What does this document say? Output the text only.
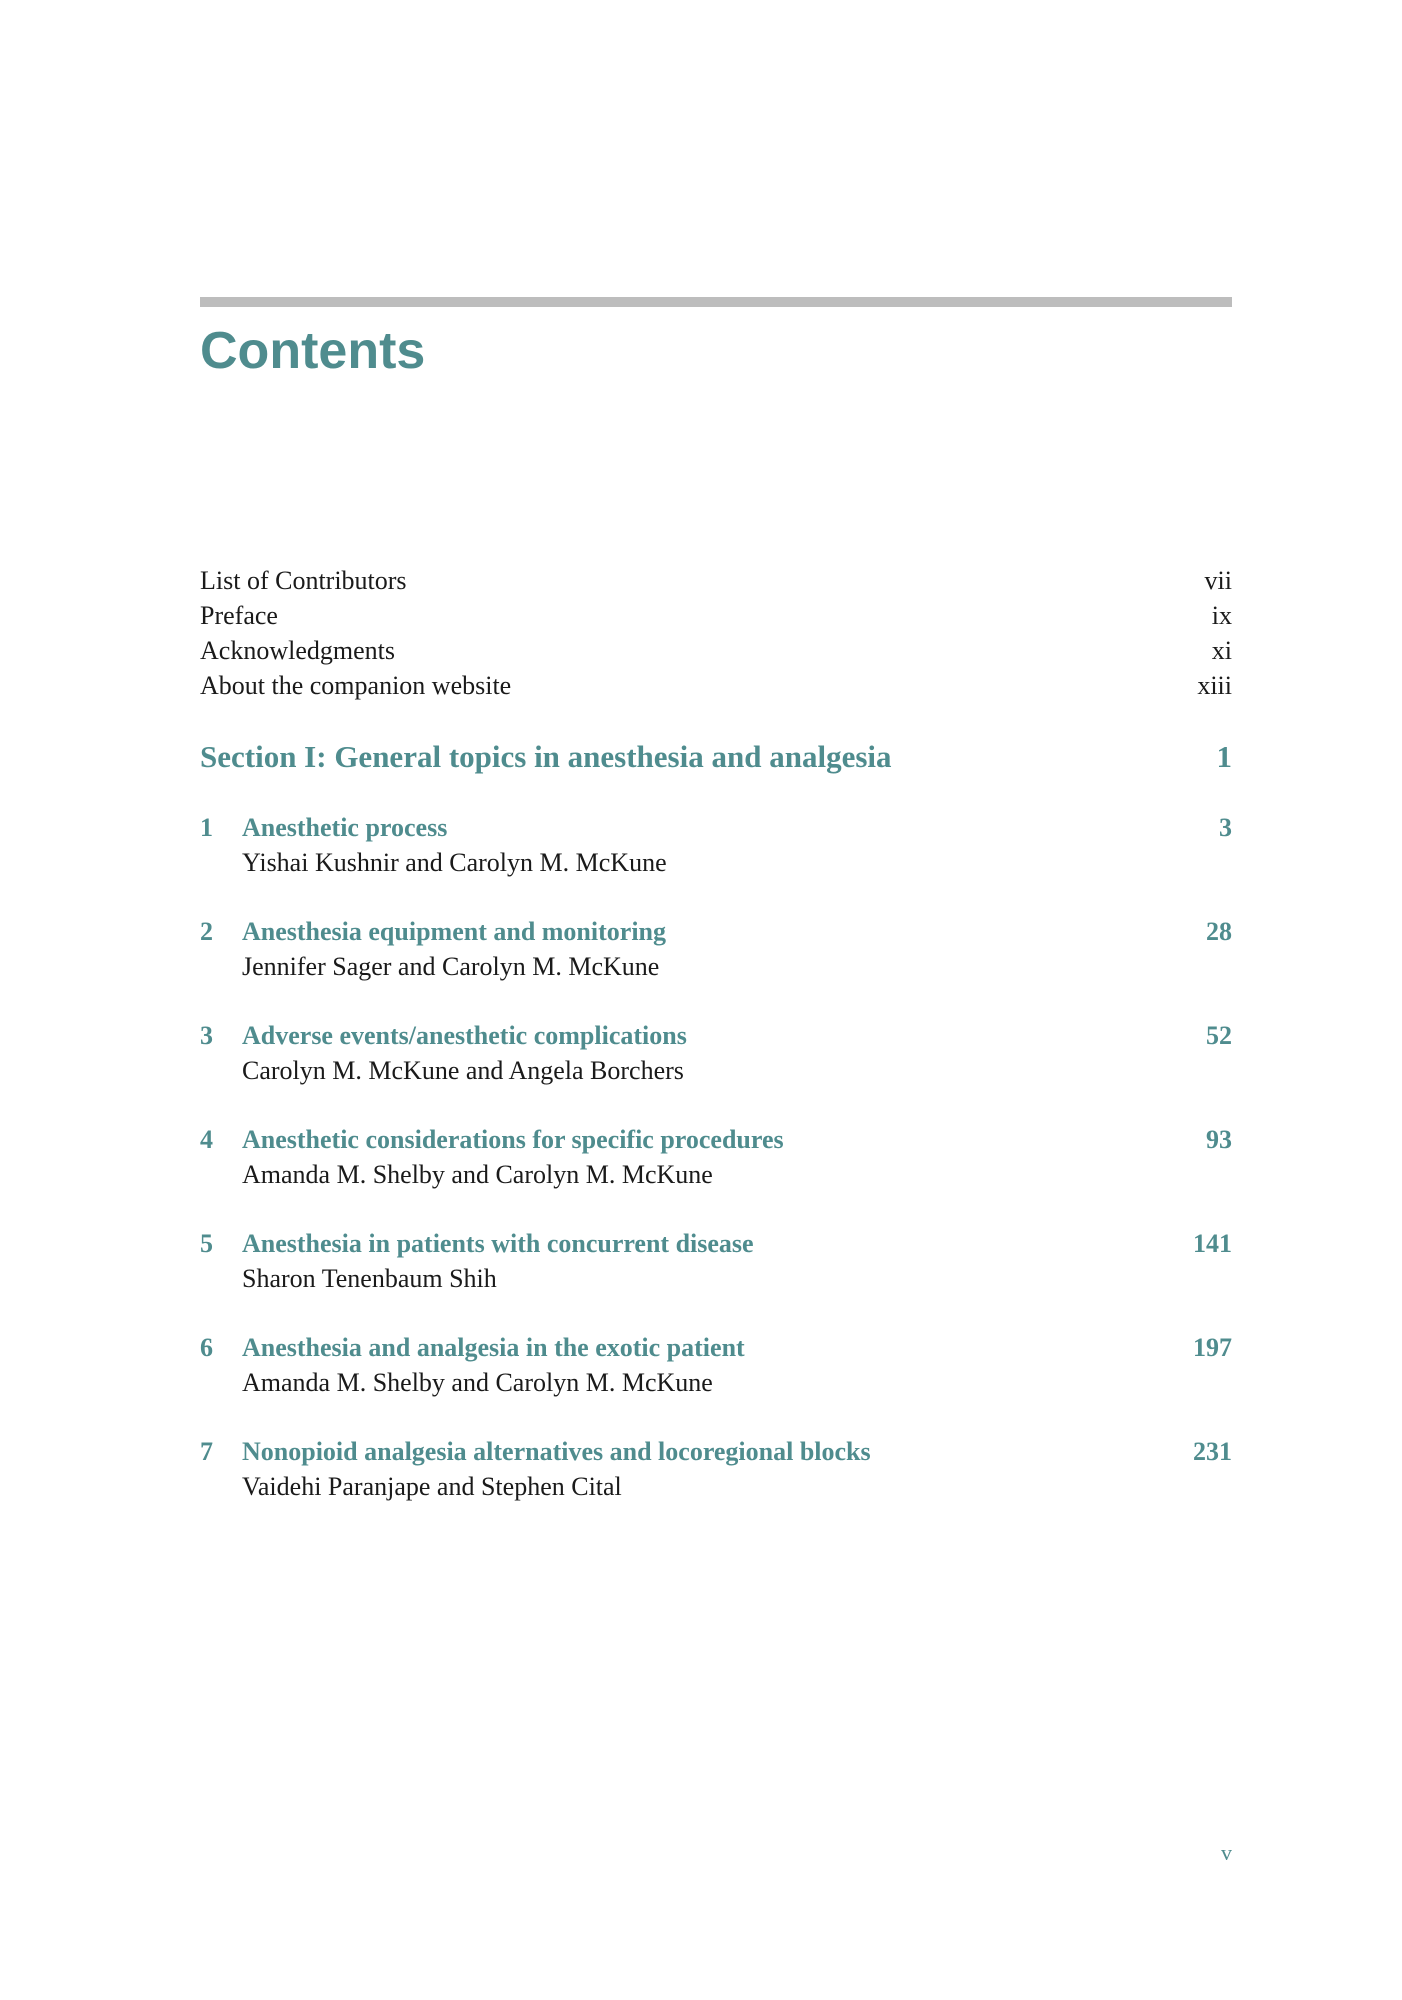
Contents
List of Contributors	vii
Preface	ix
Acknowledgments	xi
About the companion website	xiii
Section I: General topics in anesthesia and analgesia	1
1 Anesthetic process	3
Yishai Kushnir and Carolyn M. McKune
2 Anesthesia equipment and monitoring	28
Jennifer Sager and Carolyn M. McKune
3 Adverse events/anesthetic complications	52
Carolyn M. McKune and Angela Borchers
4 Anesthetic considerations for specific procedures	93
Amanda M. Shelby and Carolyn M. McKune
5 Anesthesia in patients with concurrent disease	141
Sharon Tenenbaum Shih
6 Anesthesia and analgesia in the exotic patient	197
Amanda M. Shelby and Carolyn M. McKune
7 Nonopioid analgesia alternatives and locoregional blocks	231
Vaidehi Paranjape and Stephen Cital
v
